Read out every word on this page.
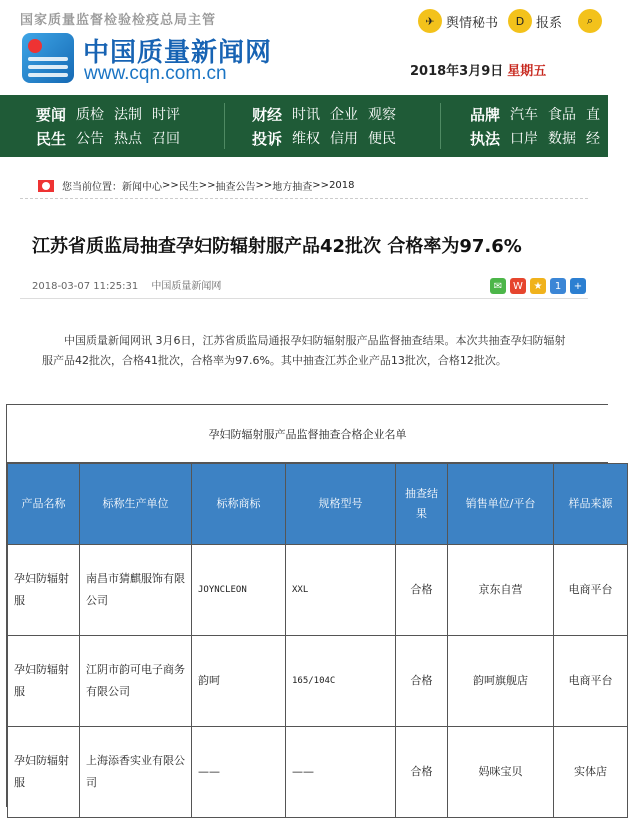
国家质量监督检验检疫总局主管
中国质量新闻网
www.cqn.com.cn
✈ 舆情秘书	D 报系	⌕
2018年3月9日 星期五
要闻 质检 法制 时评
民生 公告 热点 召回
财经 时讯 企业 观察
投诉 维权 信用 便民
品牌 汽车 食品 直
执法 口岸 数据 经
您当前位置： 新闻中心 >> 民生 >> 抽查公告 >> 地方抽查 >> 2018
江苏省质监局抽查孕妇防辐射服产品42批次 合格率为97.6%
2018-03-07 11:25:31 中国质量新闻网	✉	W	★	1	+

中国质量新闻网讯 3月6日，江苏省质监局通报孕妇防辐射服产品监督抽查结果。本次共抽查孕妇防辐射服产品42批次，合格41批次，合格率为97.6%。其中抽查江苏企业产品13批次，合格12批次。

孕妇防辐射服产品监督抽查合格企业名单
产品名称	标称生产单位	标称商标	规格型号	抽查结果	销售单位/平台	样品来源
孕妇防辐射服	南昌市猜麒服饰有限公司	JOYNCLEON	XXL	合格	京东自营	电商平台
孕妇防辐射服	江阴市韵可电子商务有限公司	韵呵	165/104C	合格	韵呵旗舰店	电商平台
孕妇防辐射服	上海添香实业有限公司	——	——	合格	妈咪宝贝	实体店
